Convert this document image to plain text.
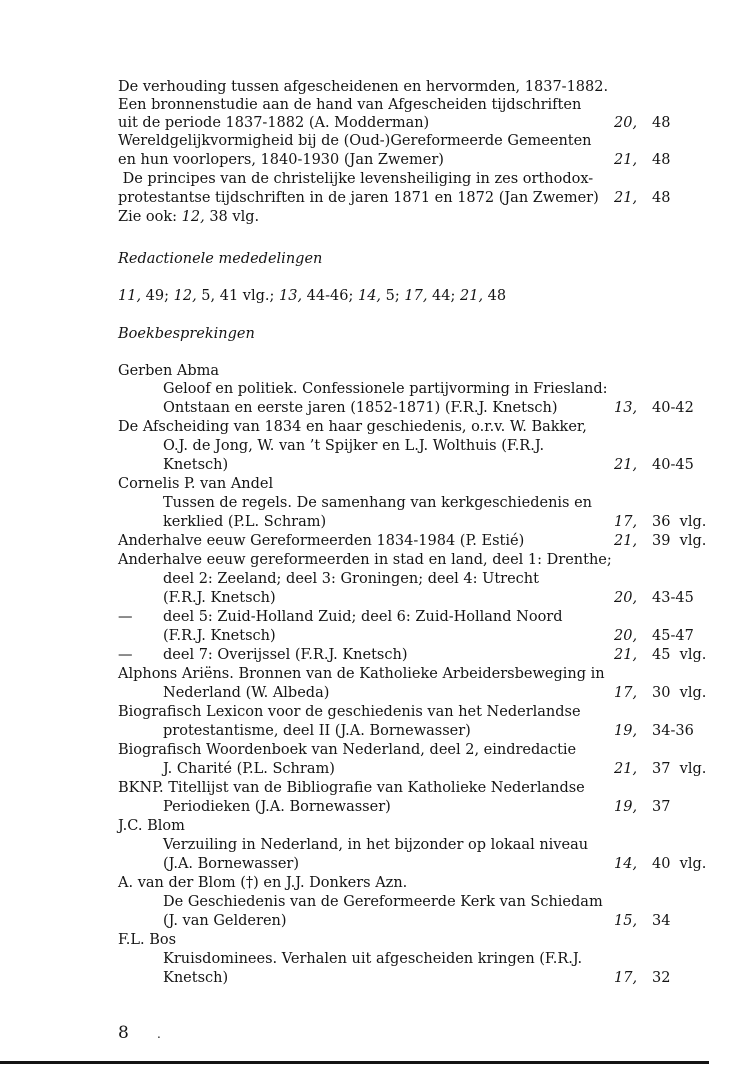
De verhouding tussen afgescheidenen en hervormden, 1837-1882.
Een bronnenstudie aan de hand van Afgescheiden tijdschriften
uit de periode 1837-1882 (A. Modderman)	20, 48
Wereldgelijkvormigheid bij de (Oud-)Gereformeerde Gemeenten
en hun voorlopers, 1840-1930 (Jan Zwemer)	21, 48
De principes van de christelijke levensheiliging in zes orthodox-
protestantse tijdschriften in de jaren 1871 en 1872 (Jan Zwemer) 21, 48
Zie ook: 12, 38 vlg.
Redactionele mededelingen
11, 49; 12, 5, 41 vlg.; 13, 44-46; 14, 5; 17, 44; 21, 48
Boekbesprekingen
Gerben Abma
Geloof en politiek. Confessionele partijvorming in Friesland:
Ontstaan en eerste jaren (1852-1871) (F.R.J. Knetsch)	13, 40-42
De Afscheiding van 1834 en haar geschiedenis, o.r.v. W. Bakker,
O.J. de Jong, W. van ’t Spijker en L.J. Wolthuis (F.R.J.
Knetsch)	21, 40-45
Cornelis P. van Andel
Tussen de regels. De samenhang van kerkgeschiedenis en
kerklied (P.L. Schram)	17, 36  vlg.
Anderhalve eeuw Gereformeerden 1834-1984 (P. Estié)	21, 39  vlg.
Anderhalve eeuw gereformeerden in stad en land, deel 1: Drenthe;
deel 2: Zeeland; deel 3: Groningen; deel 4: Utrecht
(F.R.J. Knetsch)	20, 43-45
— deel 5: Zuid-Holland Zuid; deel 6: Zuid-Holland Noord
(F.R.J. Knetsch)	20, 45-47
— deel 7: Overijssel (F.R.J. Knetsch)	21, 45  vlg.
Alphons Ariëns. Bronnen van de Katholieke Arbeidersbeweging in
Nederland (W. Albeda)	17, 30  vlg.
Biografisch Lexicon voor de geschiedenis van het Nederlandse
protestantisme, deel II (J.A. Bornewasser)	19, 34-36
Biografisch Woordenboek van Nederland, deel 2, eindredactie
J. Charité (P.L. Schram)	21, 37  vlg.
BKNP. Titellijst van de Bibliografie van Katholieke Nederlandse
Periodieken (J.A. Bornewasser)	19, 37
J.C. Blom
Verzuiling in Nederland, in het bijzonder op lokaal niveau
(J.A. Bornewasser)	14, 40  vlg.
A. van der Blom (†) en J.J. Donkers Azn.
De Geschiedenis van de Gereformeerde Kerk van Schiedam
(J. van Gelderen)	15, 34
F.L. Bos
Kruisdominees. Verhalen uit afgescheiden kringen (F.R.J.
Knetsch)	17, 32
8 .
